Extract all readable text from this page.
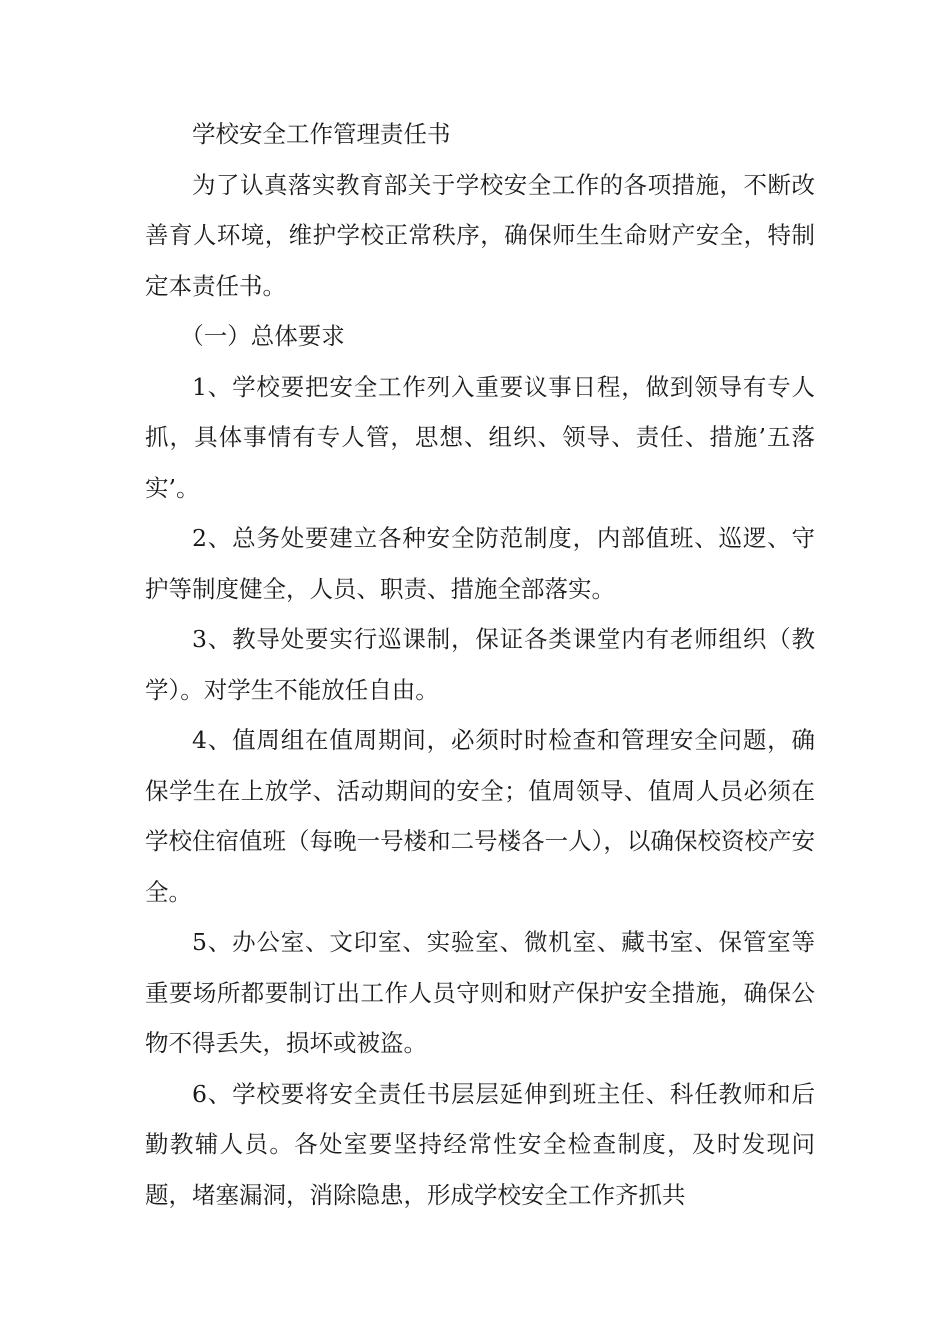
学校安全工作管理责任书

为了认真落实教育部关于学校安全工作的各项措施，不断改善育人环境，维护学校正常秩序，确保师生生命财产安全，特制定本责任书。

（一）总体要求

1、学校要把安全工作列入重要议事日程，做到领导有专人抓，具体事情有专人管，思想、组织、领导、责任、措施’五落实’。

2、总务处要建立各种安全防范制度，内部值班、巡逻、守护等制度健全，人员、职责、措施全部落实。

3、教导处要实行巡课制，保证各类课堂内有老师组织（教学）。对学生不能放任自由。

4、值周组在值周期间，必须时时检查和管理安全问题，确保学生在上放学、活动期间的安全；值周领导、值周人员必须在学校住宿值班（每晚一号楼和二号楼各一人），以确保校资校产安全。

5、办公室、文印室、实验室、微机室、藏书室、保管室等重要场所都要制订出工作人员守则和财产保护安全措施，确保公物不得丢失，损坏或被盗。

6、学校要将安全责任书层层延伸到班主任、科任教师和后勤教辅人员。各处室要坚持经常性安全检查制度，及时发现问题，堵塞漏洞，消除隐患，形成学校安全工作齐抓共
